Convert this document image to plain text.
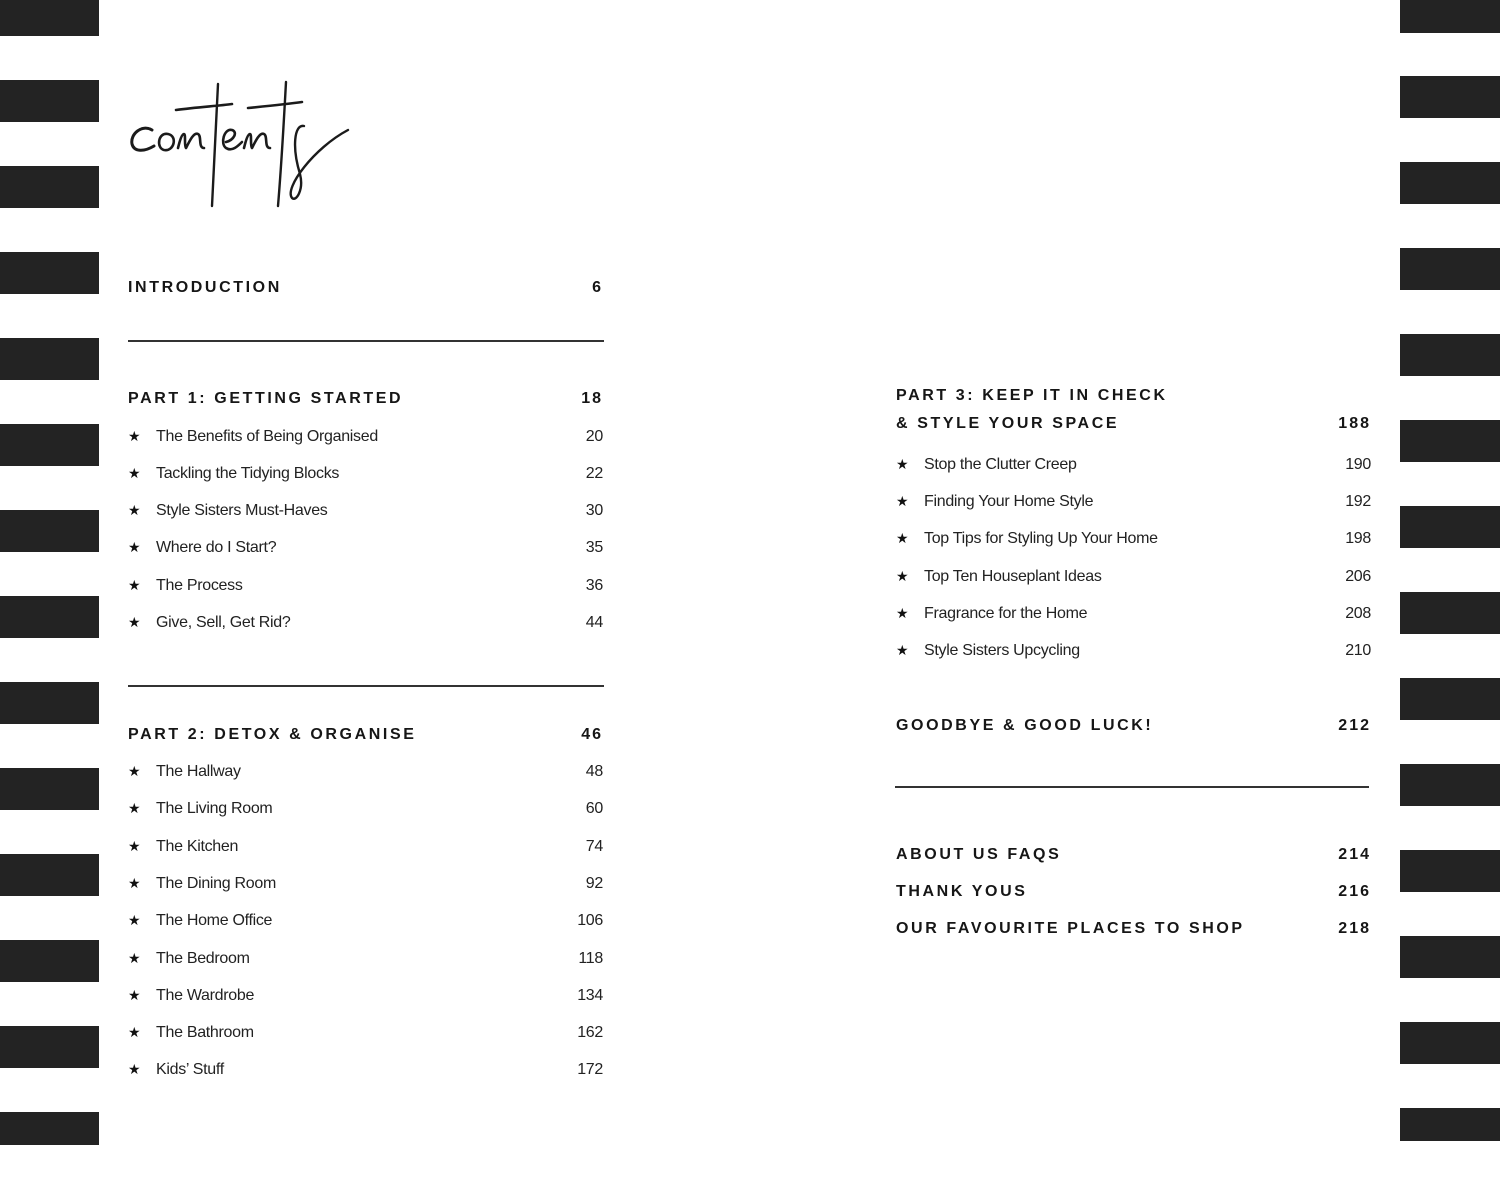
INTRODUCTION	6
PART 1: GETTING STARTED	18
★ The Benefits of Being Organised	20
★ Tackling the Tidying Blocks	22
★ Style Sisters Must-Haves	30
★ Where do I Start?	35
★ The Process	36
★ Give, Sell, Get Rid?	44
PART 2: DETOX & ORGANISE	46
★ The Hallway	48
★ The Living Room	60
★ The Kitchen	74
★ The Dining Room	92
★ The Home Office	106
★ The Bedroom	118
★ The Wardrobe	134
★ The Bathroom	162
★ Kids’ Stuff	172
PART 3: KEEP IT IN CHECK
& STYLE YOUR SPACE	188
★ Stop the Clutter Creep	190
★ Finding Your Home Style	192
★ Top Tips for Styling Up Your Home	198
★ Top Ten Houseplant Ideas	206
★ Fragrance for the Home	208
★ Style Sisters Upcycling	210
GOODBYE & GOOD LUCK!	212
ABOUT US FAQS	214
THANK YOUS	216
OUR FAVOURITE PLACES TO SHOP	218
